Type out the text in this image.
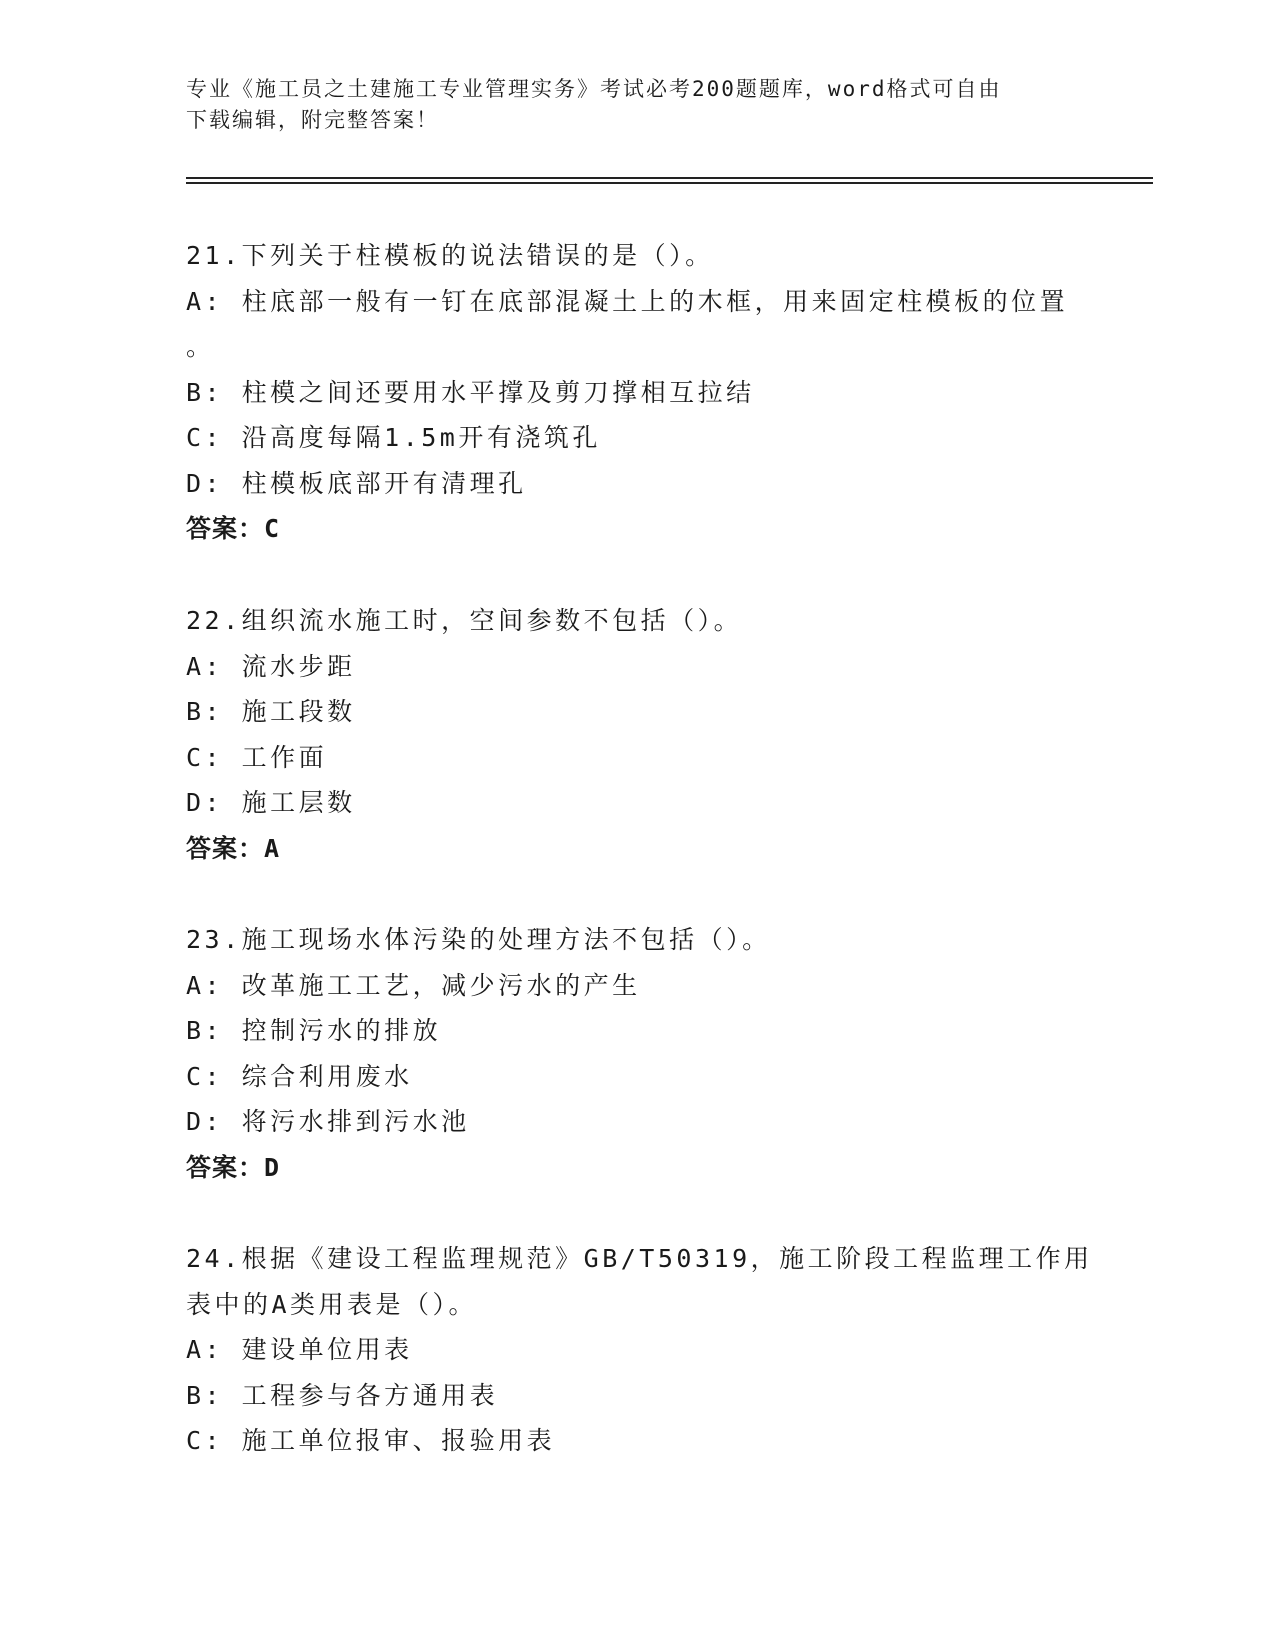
专业《施工员之土建施工专业管理实务》考试必考200题题库，word格式可自由
下载编辑，附完整答案！
21.下列关于柱模板的说法错误的是（）。
A: 柱底部一般有一钉在底部混凝土上的木框，用来固定柱模板的位置
。
B: 柱模之间还要用水平撑及剪刀撑相互拉结
C: 沿高度每隔1.5m开有浇筑孔
D: 柱模板底部开有清理孔
答案：C
22.组织流水施工时，空间参数不包括（）。
A: 流水步距
B: 施工段数
C: 工作面
D: 施工层数
答案：A
23.施工现场水体污染的处理方法不包括（）。
A: 改革施工工艺，减少污水的产生
B: 控制污水的排放
C: 综合利用废水
D: 将污水排到污水池
答案：D
24.根据《建设工程监理规范》GB/T50319，施工阶段工程监理工作用
表中的A类用表是（）。
A: 建设单位用表
B: 工程参与各方通用表
C: 施工单位报审、报验用表
